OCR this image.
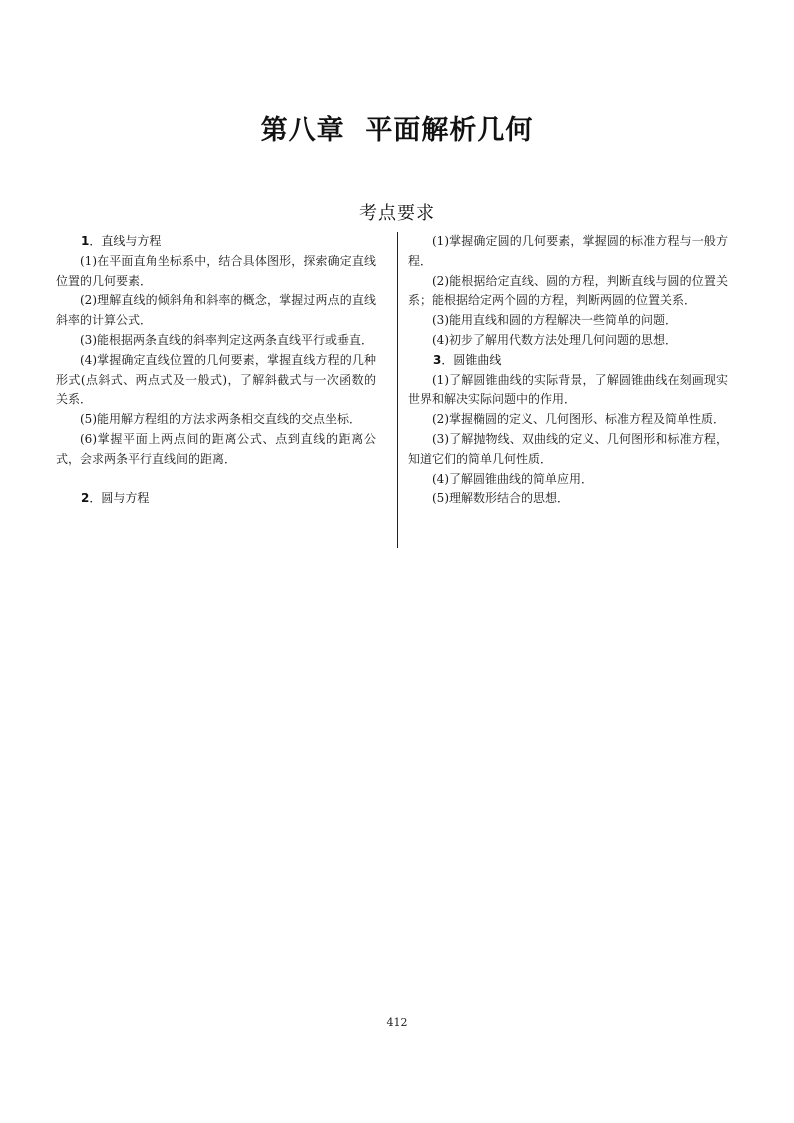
第八章  平面解析几何
考点要求
1．直线与方程

(1)在平面直角坐标系中，结合具体图形，探索确定直线位置的几何要素．

(2)理解直线的倾斜角和斜率的概念，掌握过两点的直线斜率的计算公式．

(3)能根据两条直线的斜率判定这两条直线平行或垂直．

(4)掌握确定直线位置的几何要素，掌握直线方程的几种形式(点斜式、两点式及一般式)，了解斜截式与一次函数的关系．

(5)能用解方程组的方法求两条相交直线的交点坐标．

(6)掌握平面上两点间的距离公式、点到直线的距离公式，会求两条平行直线间的距离．

2．圆与方程

(1)掌握确定圆的几何要素，掌握圆的标准方程与一般方程．

(2)能根据给定直线、圆的方程，判断直线与圆的位置关系；能根据给定两个圆的方程，判断两圆的位置关系．

(3)能用直线和圆的方程解决一些简单的问题．

(4)初步了解用代数方法处理几何问题的思想．

3．圆锥曲线

(1)了解圆锥曲线的实际背景，了解圆锥曲线在刻画现实世界和解决实际问题中的作用．

(2)掌握椭圆的定义、几何图形、标准方程及简单性质．

(3)了解抛物线、双曲线的定义、几何图形和标准方程，知道它们的简单几何性质．

(4)了解圆锥曲线的简单应用．

(5)理解数形结合的思想．

412
